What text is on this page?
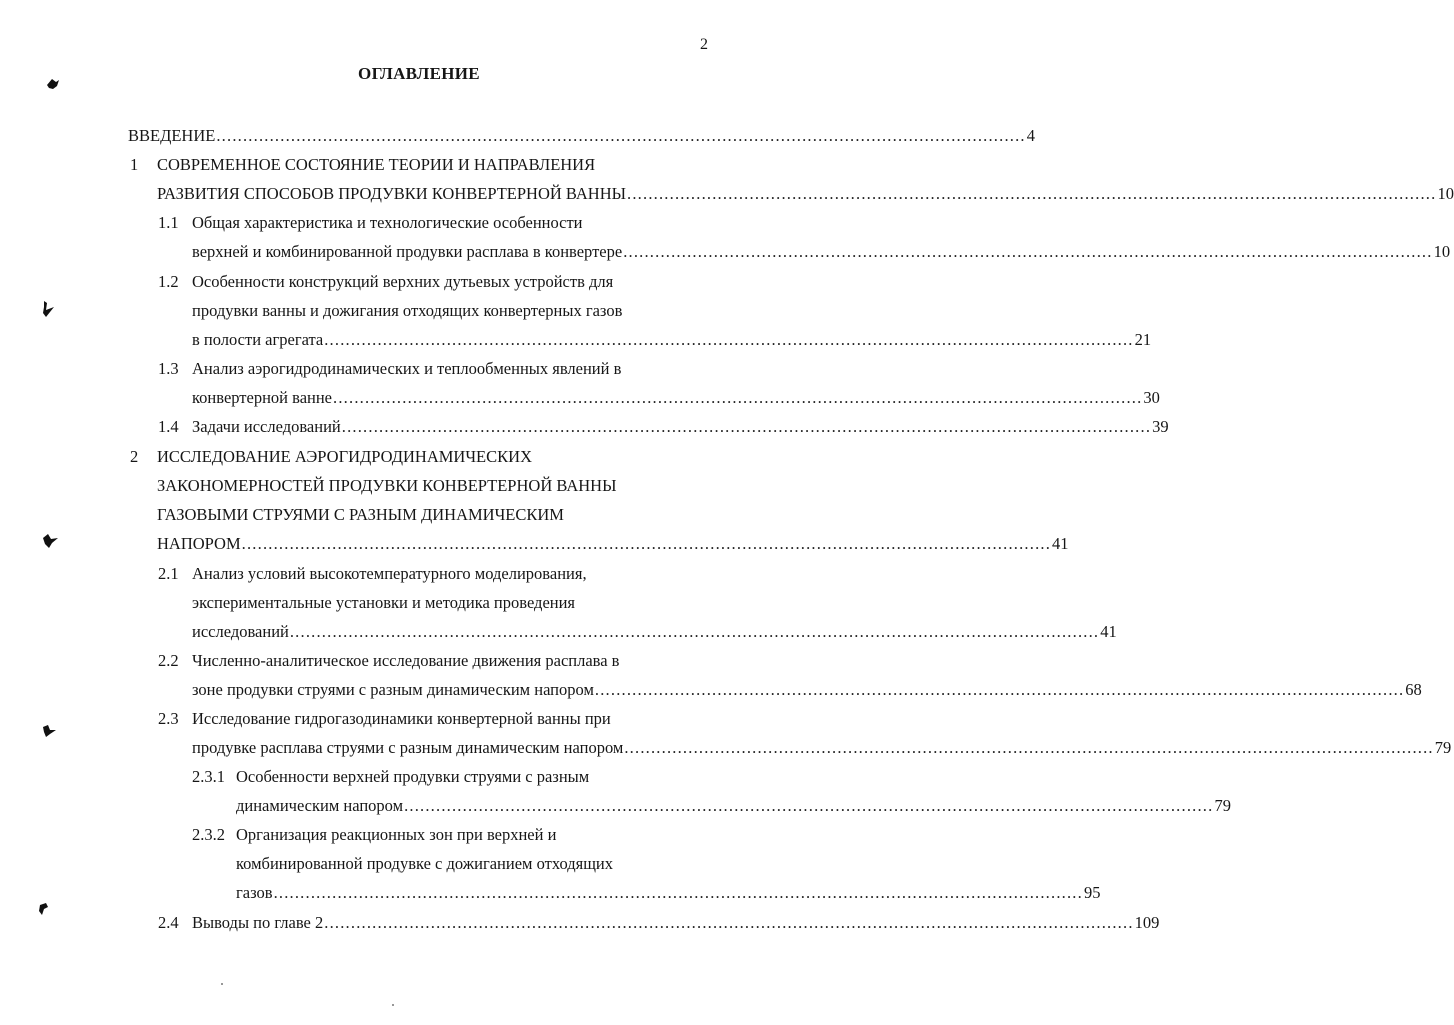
2
ОГЛАВЛЕНИЕ
ВВЕДЕНИЕ ........................................................................................................................................................ 4
1 СОВРЕМЕННОЕ СОСТОЯНИЕ ТЕОРИИ И НАПРАВЛЕНИЯ
РАЗВИТИЯ СПОСОБОВ ПРОДУВКИ КОНВЕРТЕРНОЙ ВАННЫ ........................................................................................................................................................ 10
1.1 Общая характеристика и технологические особенности
верхней и комбинированной продувки расплава в конвертере ........................................................................................................................................................ 10
1.2 Особенности конструкций верхних дутьевых устройств для
продувки ванны и дожигания отходящих конвертерных газов
в полости агрегата ........................................................................................................................................................ 21
1.3 Анализ аэрогидродинамических и теплообменных явлений в
конвертерной ванне ........................................................................................................................................................ 30
1.4 Задачи исследований ........................................................................................................................................................ 39
2 ИССЛЕДОВАНИЕ АЭРОГИДРОДИНАМИЧЕСКИХ
ЗАКОНОМЕРНОСТЕЙ ПРОДУВКИ КОНВЕРТЕРНОЙ ВАННЫ
ГАЗОВЫМИ СТРУЯМИ С РАЗНЫМ ДИНАМИЧЕСКИМ
НАПОРОМ ........................................................................................................................................................ 41
2.1 Анализ условий высокотемпературного моделирования,
экспериментальные установки и методика проведения
исследований ........................................................................................................................................................ 41
2.2 Численно-аналитическое исследование движения расплава в
зоне продувки струями с разным динамическим напором ........................................................................................................................................................ 68
2.3 Исследование гидрогазодинамики конвертерной ванны при
продувке расплава струями с разным динамическим напором ........................................................................................................................................................ 79
2.3.1 Особенности верхней продувки струями с разным
динамическим напором ........................................................................................................................................................ 79
2.3.2 Организация реакционных зон при верхней и
комбинированной продувке с дожиганием отходящих
газов ........................................................................................................................................................ 95
2.4 Выводы по главе 2 ........................................................................................................................................................ 109
